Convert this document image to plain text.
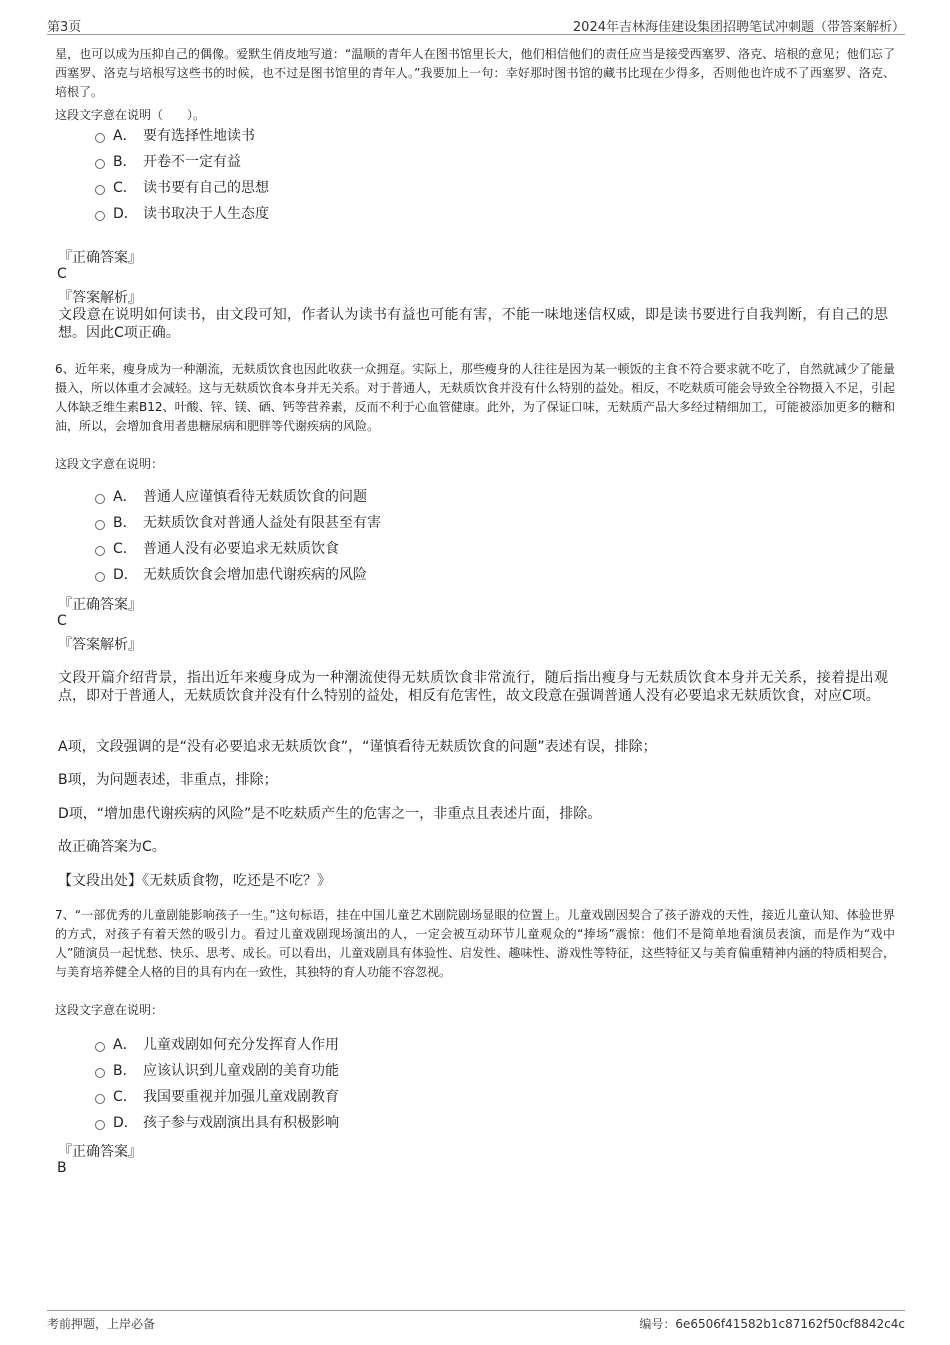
第3页	2024年吉林海佳建设集团招聘笔试冲刺题（带答案解析）

星，也可以成为压抑自己的偶像。爱默生俏皮地写道：“温顺的青年人在图书馆里长大，他们相信他们的责任应当是接受西塞罗、洛克、培根的意见；他们忘了西塞罗、洛克与培根写这些书的时候，也不过是图书馆里的青年人。”我要加上一句：幸好那时图书馆的藏书比现在少得多，否则他也许成不了西塞罗、洛克、培根了。

这段文字意在说明（　　）。

A． 要有选择性地读书
B． 开卷不一定有益
C． 读书要有自己的思想
D． 读书取决于人生态度
『正确答案』
C
『答案解析』

文段意在说明如何读书，由文段可知，作者认为读书有益也可能有害，不能一味地迷信权威，即是读书要进行自我判断，有自己的思想。因此C项正确。

6、近年来，瘦身成为一种潮流，无麸质饮食也因此收获一众拥趸。实际上，那些瘦身的人往往是因为某一顿饭的主食不符合要求就不吃了，自然就减少了能量摄入，所以体重才会减轻。这与无麸质饮食本身并无关系。对于普通人，无麸质饮食并没有什么特别的益处。相反，不吃麸质可能会导致全谷物摄入不足，引起人体缺乏维生素B12、叶酸、锌、镁、硒、钙等营养素，反而不利于心血管健康。此外，为了保证口味，无麸质产品大多经过精细加工，可能被添加更多的糖和油，所以，会增加食用者患糖尿病和肥胖等代谢疾病的风险。

这段文字意在说明：

A． 普通人应谨慎看待无麸质饮食的问题
B． 无麸质饮食对普通人益处有限甚至有害
C． 普通人没有必要追求无麸质饮食
D． 无麸质饮食会增加患代谢疾病的风险
『正确答案』
C
『答案解析』

文段开篇介绍背景，指出近年来瘦身成为一种潮流使得无麸质饮食非常流行，随后指出瘦身与无麸质饮食本身并无关系，接着提出观点，即对于普通人，无麸质饮食并没有什么特别的益处，相反有危害性，故文段意在强调普通人没有必要追求无麸质饮食，对应C项。

A项，文段强调的是“没有必要追求无麸质饮食”，“谨慎看待无麸质饮食的问题”表述有误，排除；

B项，为问题表述，非重点，排除；

D项，“增加患代谢疾病的风险”是不吃麸质产生的危害之一，非重点且表述片面，排除。

故正确答案为C。

【文段出处】《无麸质食物，吃还是不吃？》

7、“一部优秀的儿童剧能影响孩子一生。”这句标语，挂在中国儿童艺术剧院剧场显眼的位置上。儿童戏剧因契合了孩子游戏的天性，接近儿童认知、体验世界的方式，对孩子有着天然的吸引力。看过儿童戏剧现场演出的人，一定会被互动环节儿童观众的“捧场”震惊：他们不是简单地看演员表演，而是作为“戏中人”随演员一起忧愁、快乐、思考、成长。可以看出，儿童戏剧具有体验性、启发性、趣味性、游戏性等特征，这些特征又与美育偏重精神内涵的特质相契合，与美育培养健全人格的目的具有内在一致性，其独特的育人功能不容忽视。

这段文字意在说明：

A． 儿童戏剧如何充分发挥育人作用
B． 应该认识到儿童戏剧的美育功能
C． 我国要重视并加强儿童戏剧教育
D． 孩子参与戏剧演出具有积极影响
『正确答案』
B
考前押题，上岸必备	编号：6e6506f41582b1c87162f50cf8842c4c
